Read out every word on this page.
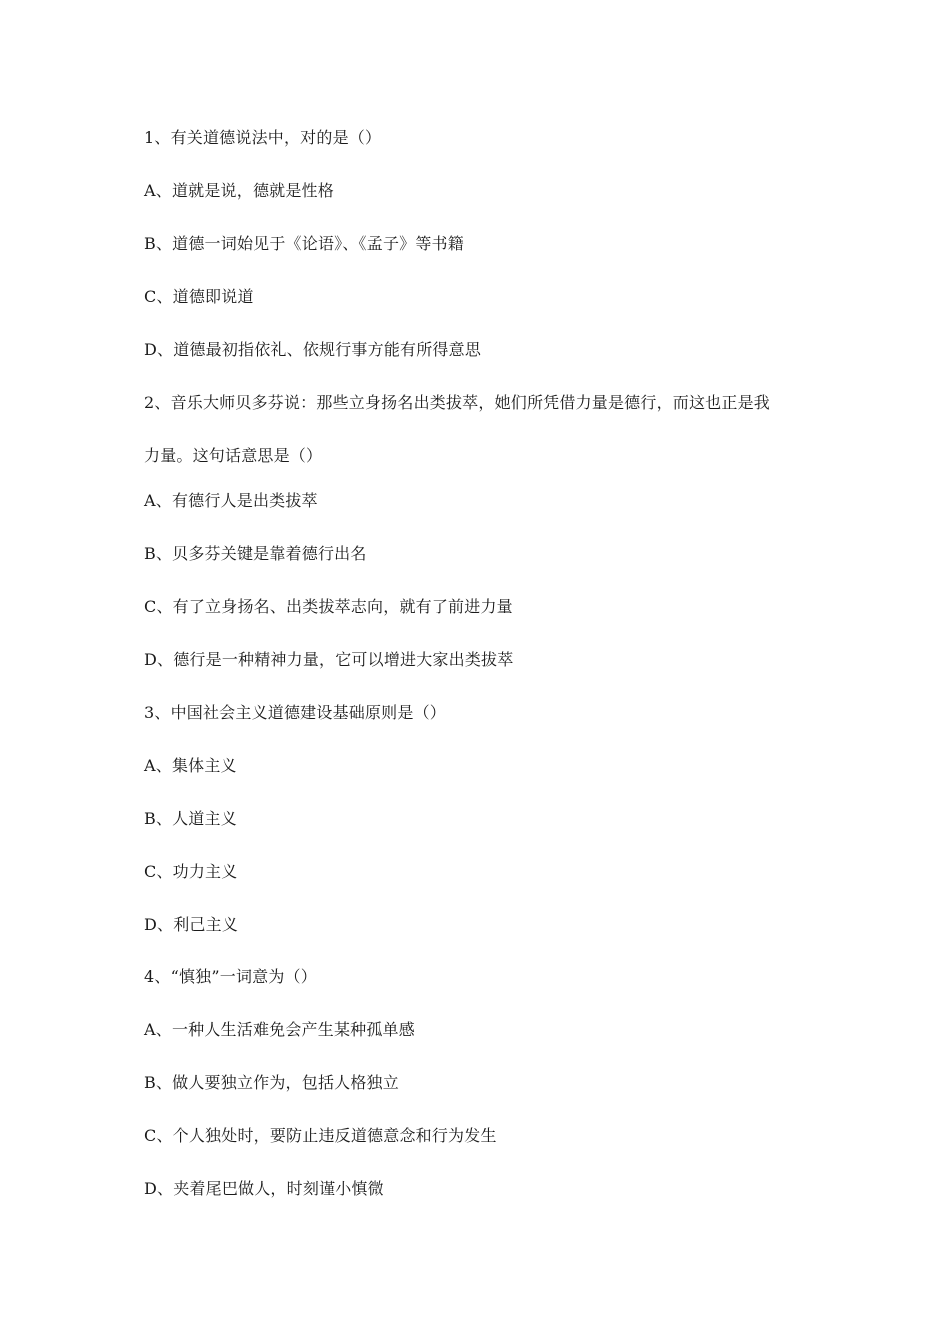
1、有关道德说法中，对的是（）
A、道就是说，德就是性格
B、道德一词始见于《论语》、《孟子》等书籍
C、道德即说道
D、道德最初指依礼、依规行事方能有所得意思
2、音乐大师贝多芬说：那些立身扬名出类拔萃，她们所凭借力量是德行，而这也正是我
力量。这句话意思是（）
A、有德行人是出类拔萃
B、贝多芬关键是靠着德行出名
C、有了立身扬名、出类拔萃志向，就有了前进力量
D、德行是一种精神力量，它可以增进大家出类拔萃
3、中国社会主义道德建设基础原则是（）
A、集体主义
B、人道主义
C、功力主义
D、利己主义
4、“慎独”一词意为（）
A、一种人生活难免会产生某种孤单感
B、做人要独立作为，包括人格独立
C、个人独处时，要防止违反道德意念和行为发生
D、夹着尾巴做人，时刻谨小慎微
